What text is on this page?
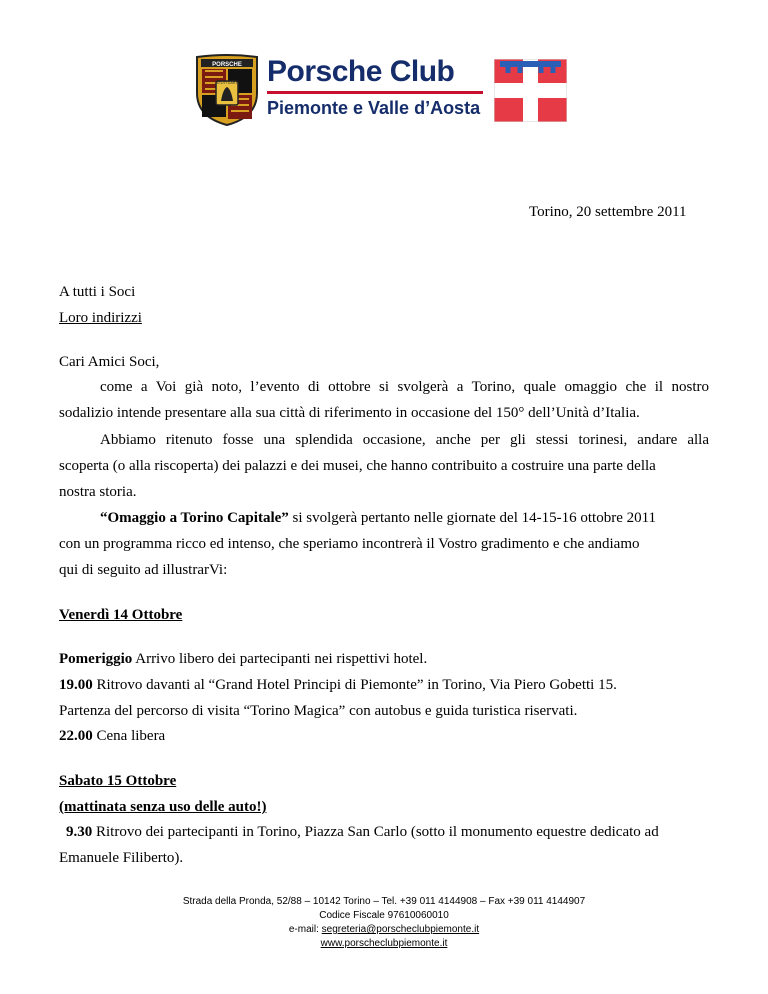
PORSCHE
STUTTGART Porsche Club
Piemonte e Valle d’Aosta
Torino, 20 settembre 2011
A tutti i Soci
Loro indirizzi
Cari Amici Soci,
come a Voi già noto, l’evento di ottobre si svolgerà a Torino, quale omaggio che il nostro
sodalizio intende presentare alla sua città di riferimento in occasione del 150° dell’Unità d’Italia.
Abbiamo ritenuto fosse una splendida occasione, anche per gli stessi torinesi, andare alla
scoperta (o alla riscoperta) dei palazzi e dei musei, che hanno contribuito a costruire una parte della
nostra storia.
“Omaggio a Torino Capitale” si svolgerà pertanto nelle giornate del 14-15-16 ottobre 2011
con un programma ricco ed intenso, che speriamo incontrerà il Vostro gradimento e che andiamo
qui di seguito ad illustrarVi:
Venerdì 14 Ottobre
Pomeriggio Arrivo libero dei partecipanti nei rispettivi hotel.
19.00 Ritrovo davanti al “Grand Hotel Principi di Piemonte” in Torino, Via Piero Gobetti 15.
Partenza del percorso di visita “Torino Magica” con autobus e guida turistica riservati.
22.00 Cena libera
Sabato 15 Ottobre
(mattinata senza uso delle auto!)
9.30 Ritrovo dei partecipanti in Torino, Piazza San Carlo (sotto il monumento equestre dedicato ad
Emanuele Filiberto).
Strada della Pronda, 52/88 – 10142 Torino – Tel. +39 011 4144908 – Fax +39 011 4144907
Codice Fiscale 97610060010
e-mail: segreteria@porscheclubpiemonte.it
www.porscheclubpiemonte.it
